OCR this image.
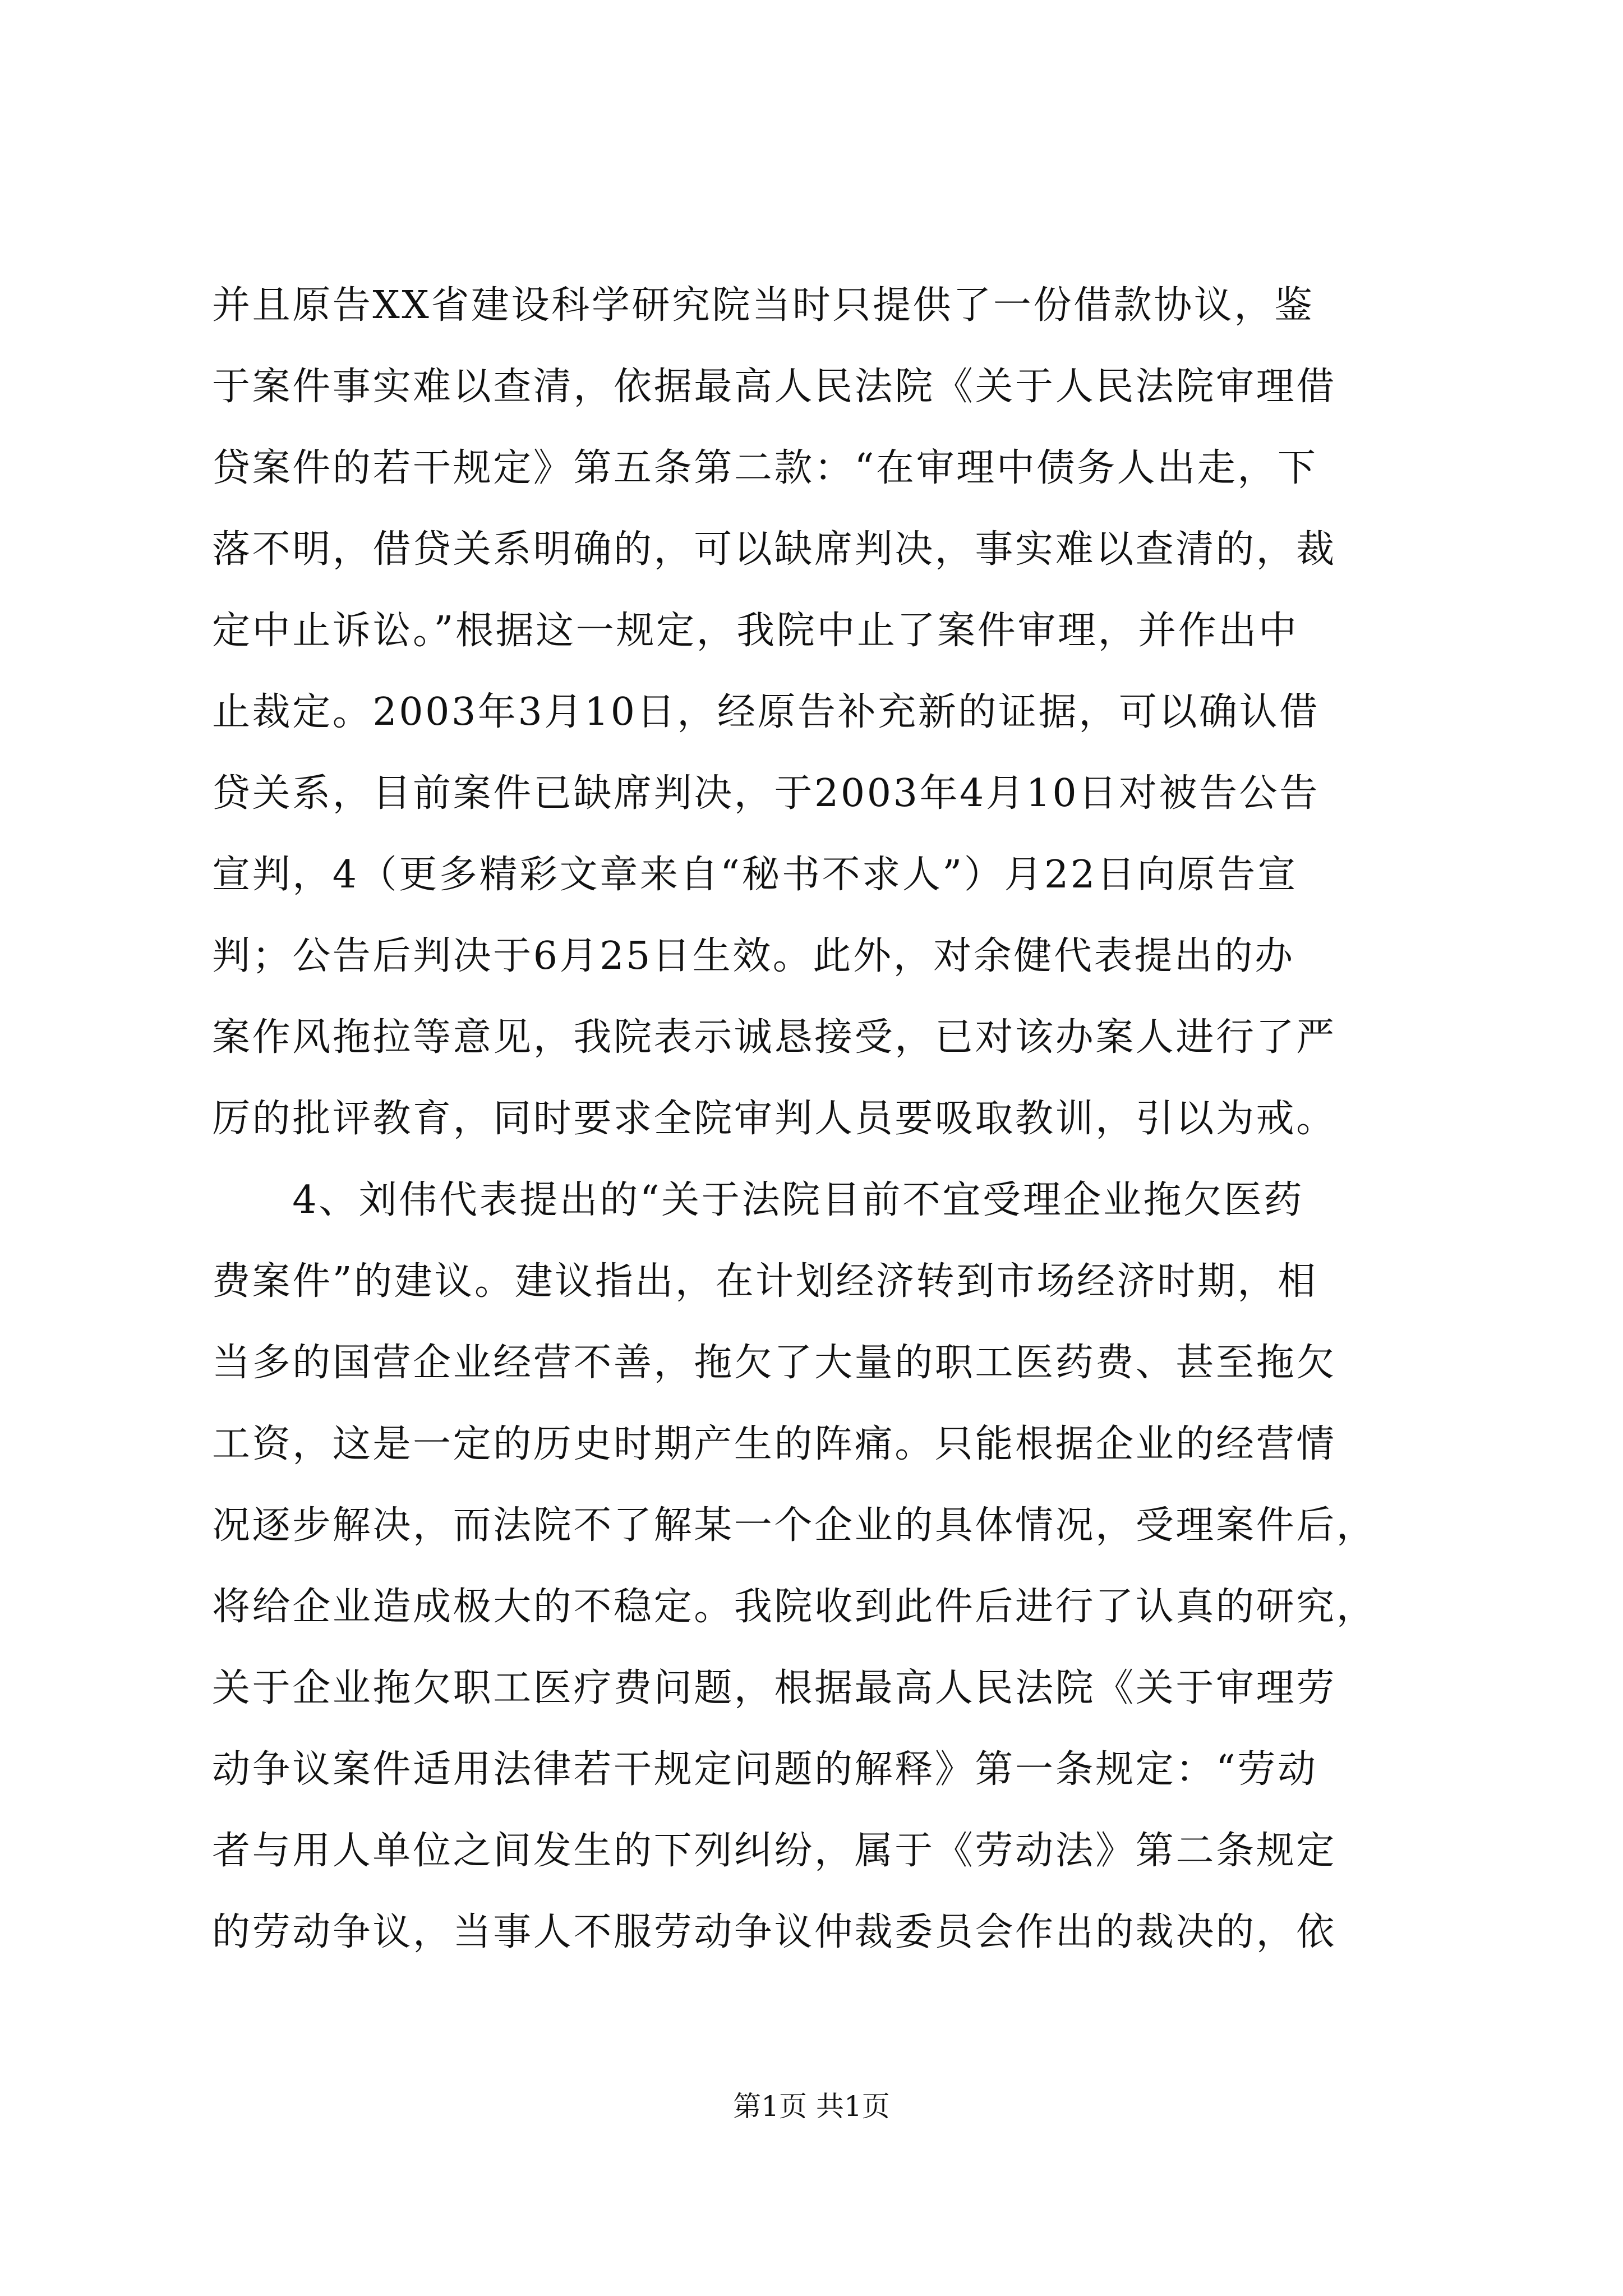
并且原告XX省建设科学研究院当时只提供了一份借款协议，鉴
于案件事实难以查清，依据最高人民法院《关于人民法院审理借
贷案件的若干规定》第五条第二款：“在审理中债务人出走，下
落不明，借贷关系明确的，可以缺席判决，事实难以查清的，裁
定中止诉讼。”根据这一规定，我院中止了案件审理，并作出中
止裁定。2003年3月10日，经原告补充新的证据，可以确认借
贷关系，目前案件已缺席判决，于2003年4月10日对被告公告
宣判，4（更多精彩文章来自“秘书不求人”）月22日向原告宣
判；公告后判决于6月25日生效。此外，对余健代表提出的办
案作风拖拉等意见，我院表示诚恳接受，已对该办案人进行了严
厉的批评教育，同时要求全院审判人员要吸取教训，引以为戒。
　　4、刘伟代表提出的“关于法院目前不宜受理企业拖欠医药
费案件”的建议。建议指出，在计划经济转到市场经济时期，相
当多的国营企业经营不善，拖欠了大量的职工医药费、甚至拖欠
工资，这是一定的历史时期产生的阵痛。只能根据企业的经营情
况逐步解决，而法院不了解某一个企业的具体情况，受理案件后，
将给企业造成极大的不稳定。我院收到此件后进行了认真的研究，
关于企业拖欠职工医疗费问题，根据最高人民法院《关于审理劳
动争议案件适用法律若干规定问题的解释》第一条规定：“劳动
者与用人单位之间发生的下列纠纷，属于《劳动法》第二条规定
的劳动争议，当事人不服劳动争议仲裁委员会作出的裁决的，依
第1页 共1页
